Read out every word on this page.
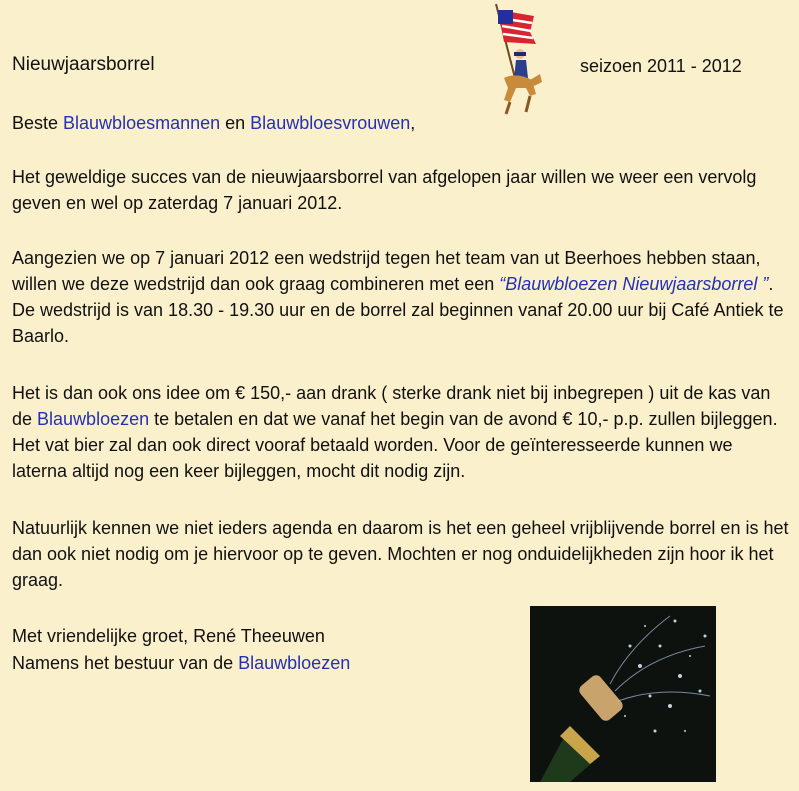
Nieuwjaarsborrel	seizoen 2011 - 2012

Beste Blauwbloesmannen en Blauwbloesvrouwen,

Het geweldige succes van de nieuwjaarsborrel van afgelopen jaar willen we weer een vervolg geven en wel op zaterdag 7 januari 2012.

Aangezien we op 7 januari 2012 een wedstrijd tegen het team van ut Beerhoes hebben staan, willen we deze wedstrijd dan ook graag combineren met een “Blauwbloezen Nieuwjaarsborrel ”. De wedstrijd is van 18.30 - 19.30 uur en de borrel zal beginnen vanaf 20.00 uur bij Café Antiek te Baarlo.

Het is dan ook ons idee om € 150,- aan drank ( sterke drank niet bij inbegrepen ) uit de kas van de Blauwbloezen te betalen en dat we vanaf het begin van de avond € 10,- p.p. zullen bijleggen. Het vat bier zal dan ook direct vooraf betaald worden. Voor de geïnteresseerde kunnen we laterna altijd nog een keer bijleggen, mocht dit nodig zijn.

Natuurlijk kennen we niet ieders agenda en daarom is het een geheel vrijblijvende borrel en is het dan ook niet nodig om je hiervoor op te geven. Mochten er nog onduidelijkheden zijn hoor ik het graag.

Met vriendelijke groet, René Theeuwen

Namens het bestuur van de Blauwbloezen
